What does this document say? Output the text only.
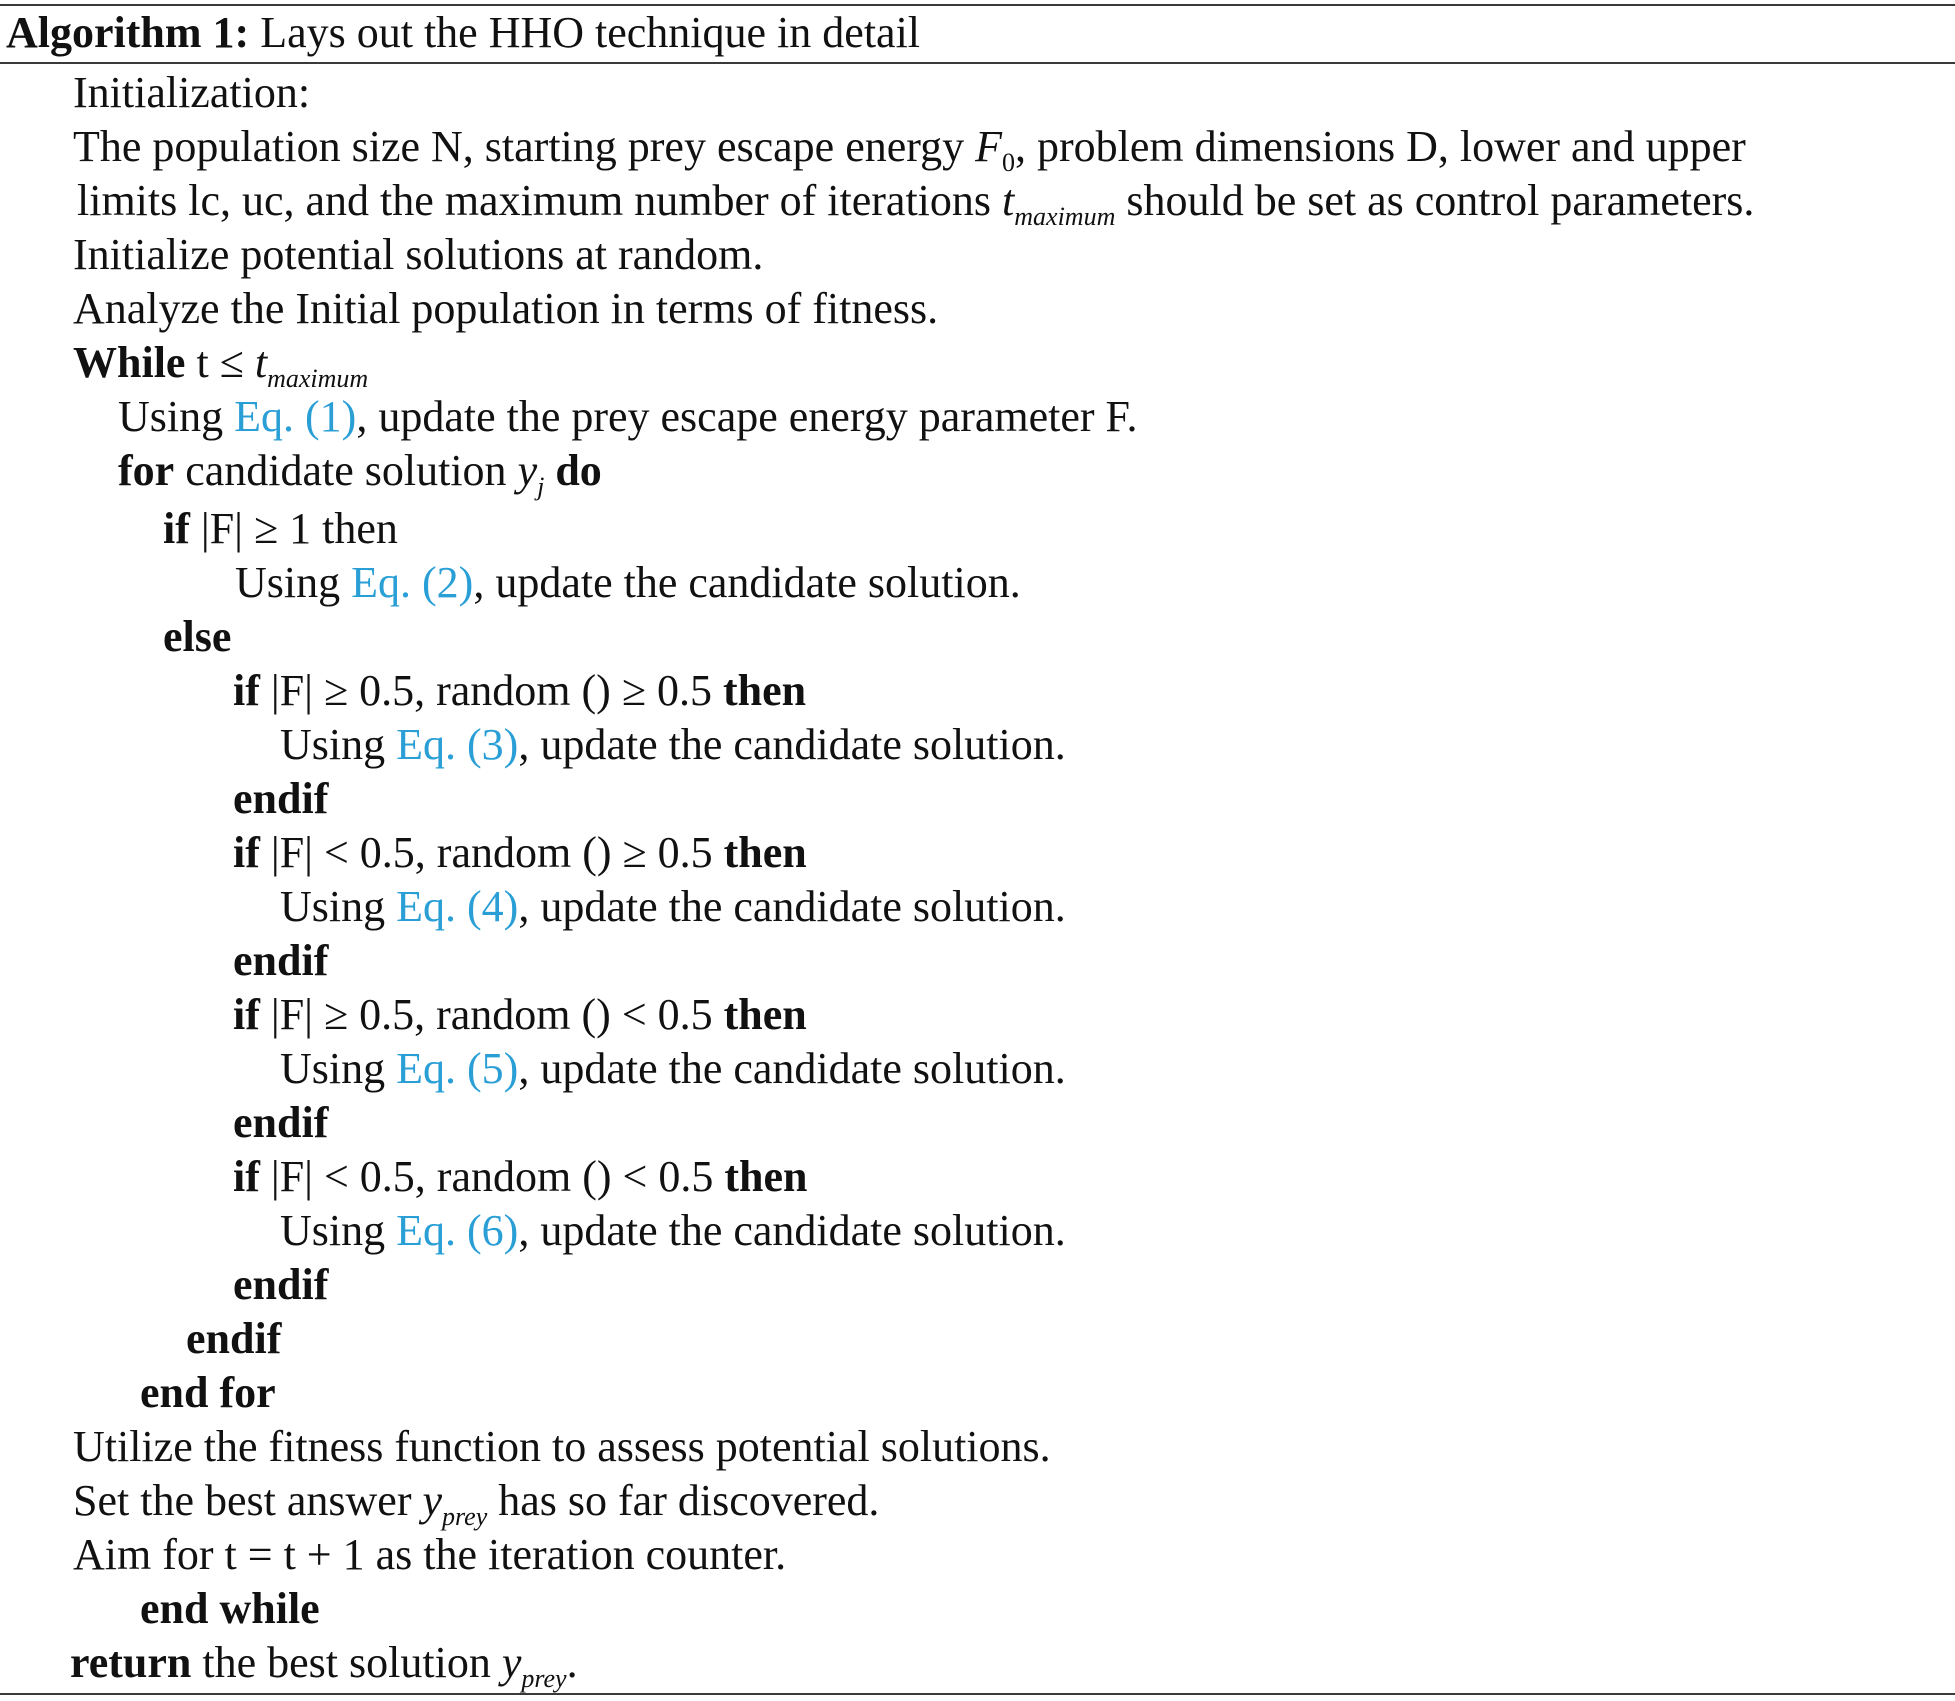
Algorithm 1: Lays out the HHO technique in detail
Initialization:
The population size N, starting prey escape energy $F_0$, problem dimensions D, lower and upper
limits lc, uc, and the maximum number of iterations $t_{maximum}$ should be set as control parameters.
Initialize potential solutions at random.
Analyze the Initial population in terms of fitness.
While $t \le t_{maximum}$
Using Eq. (1), update the prey escape energy parameter F.
for candidate solution $y_j$ do
if |F| ≥ 1 then
Using Eq. (2), update the candidate solution.
else
if |F| ≥ 0.5, random () ≥ 0.5 then
Using Eq. (3), update the candidate solution.
endif
if |F| < 0.5, random () ≥ 0.5 then
Using Eq. (4), update the candidate solution.
endif
if |F| ≥ 0.5, random () < 0.5 then
Using Eq. (5), update the candidate solution.
endif
if |F| < 0.5, random () < 0.5 then
Using Eq. (6), update the candidate solution.
endif
endif
end for
Utilize the fitness function to assess potential solutions.
Set the best answer $y_{prey}$ has so far discovered.
Aim for t = t + 1 as the iteration counter.
end while
return the best solution $y_{prey}$.
